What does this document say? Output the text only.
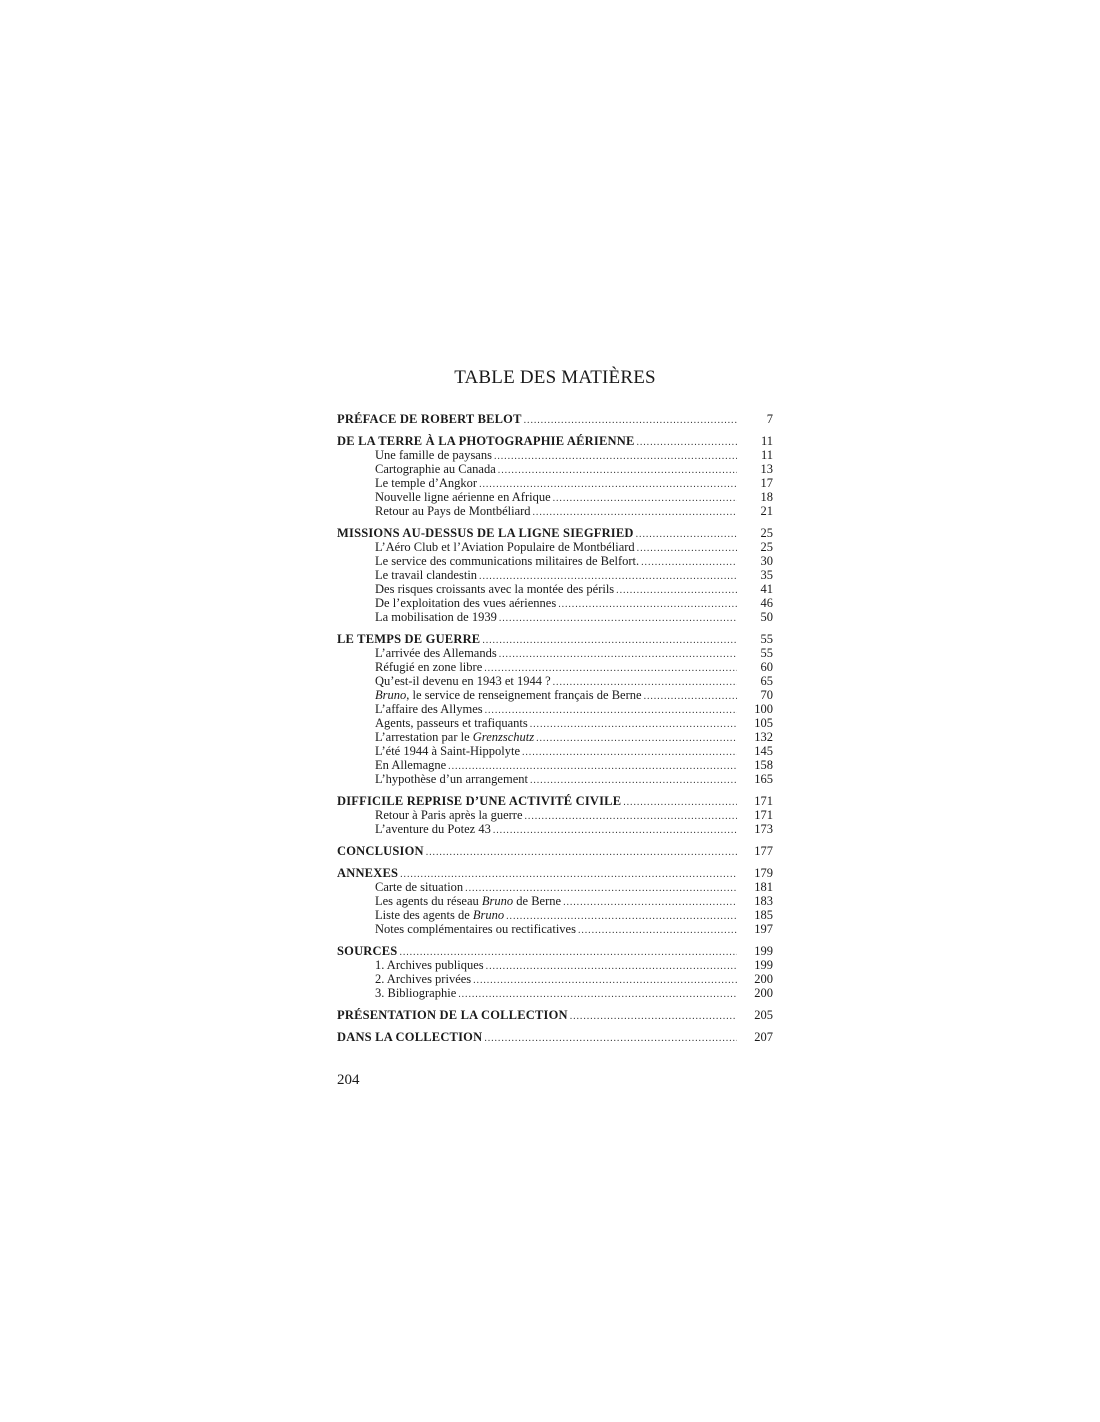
TABLE DES MATIÈRES
PRÉFACE DE ROBERT BELOT . . .	7
DE LA TERRE À LA PHOTOGRAPHIE AÉRIENNE . . .	11
Une famille de paysans . . .	11
Cartographie au Canada . . .	13
Le temple d’Angkor . . .	17
Nouvelle ligne aérienne en Afrique . . .	18
Retour au Pays de Montbéliard . . .	21
MISSIONS AU-DESSUS DE LA LIGNE SIEGFRIED . . .	25
L’Aéro Club et l’Aviation Populaire de Montbéliard . . .	25
Le service des communications militaires de Belfort. . . .	30
Le travail clandestin . . .	35
Des risques croissants avec la montée des périls . . .	41
De l’exploitation des vues aériennes . . .	46
La mobilisation de 1939 . . .	50
LE TEMPS DE GUERRE . . .	55
L’arrivée des Allemands . . .	55
Réfugié en zone libre . . .	60
Qu’est-il devenu en 1943 et 1944 ? . . .	65
Bruno, le service de renseignement français de Berne . . .	70
L’affaire des Allymes . . .	100
Agents, passeurs et trafiquants . . .	105
L’arrestation par le Grenzschutz . . .	132
L’été 1944 à Saint-Hippolyte . . .	145
En Allemagne . . .	158
L’hypothèse d’un arrangement . . .	165
DIFFICILE REPRISE D’UNE ACTIVITÉ CIVILE . . .	171
Retour à Paris après la guerre . . .	171
L’aventure du Potez 43 . . .	173
CONCLUSION . . .	177
ANNEXES . . .	179
Carte de situation . . .	181
Les agents du réseau Bruno de Berne . . .	183
Liste des agents de Bruno . . .	185
Notes complémentaires ou rectificatives . . .	197
SOURCES . . .	199
1. Archives publiques . . .	199
2. Archives privées . . .	200
3. Bibliographie . . .	200
PRÉSENTATION DE LA COLLECTION . . .	205
DANS LA COLLECTION . . .	207
204
